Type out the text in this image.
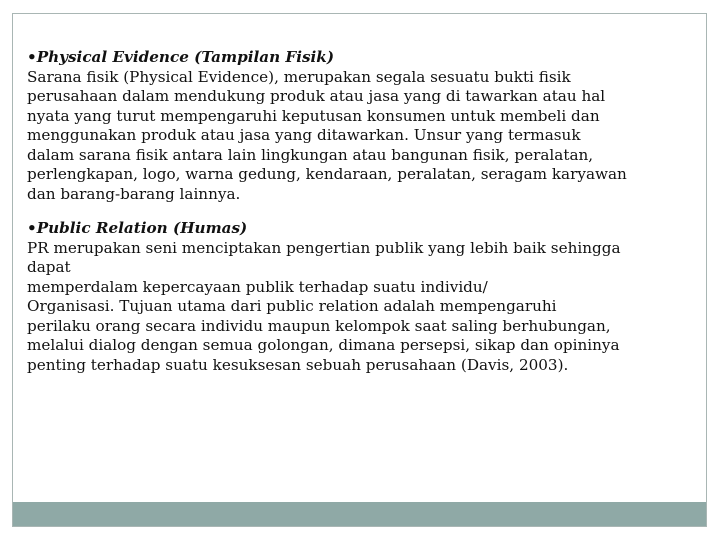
•Physical Evidence (Tampilan Fisik)
Sarana fisik (Physical Evidence), merupakan segala sesuatu bukti fisik
perusahaan dalam mendukung produk atau jasa yang di tawarkan atau hal
nyata yang turut mempengaruhi keputusan konsumen untuk membeli dan
menggunakan produk atau jasa yang ditawarkan. Unsur yang termasuk
dalam sarana fisik antara lain lingkungan atau bangunan fisik, peralatan,
perlengkapan, logo, warna gedung, kendaraan, peralatan, seragam karyawan
dan barang-barang lainnya.
•Public Relation (Humas)
PR merupakan seni menciptakan pengertian publik yang lebih baik sehingga
dapat
memperdalam kepercayaan publik terhadap suatu individu/
Organisasi. Tujuan utama dari public relation adalah mempengaruhi
perilaku orang secara individu maupun kelompok saat saling berhubungan,
melalui dialog dengan semua golongan, dimana persepsi, sikap dan opininya
penting terhadap suatu kesuksesan sebuah perusahaan (Davis, 2003).
